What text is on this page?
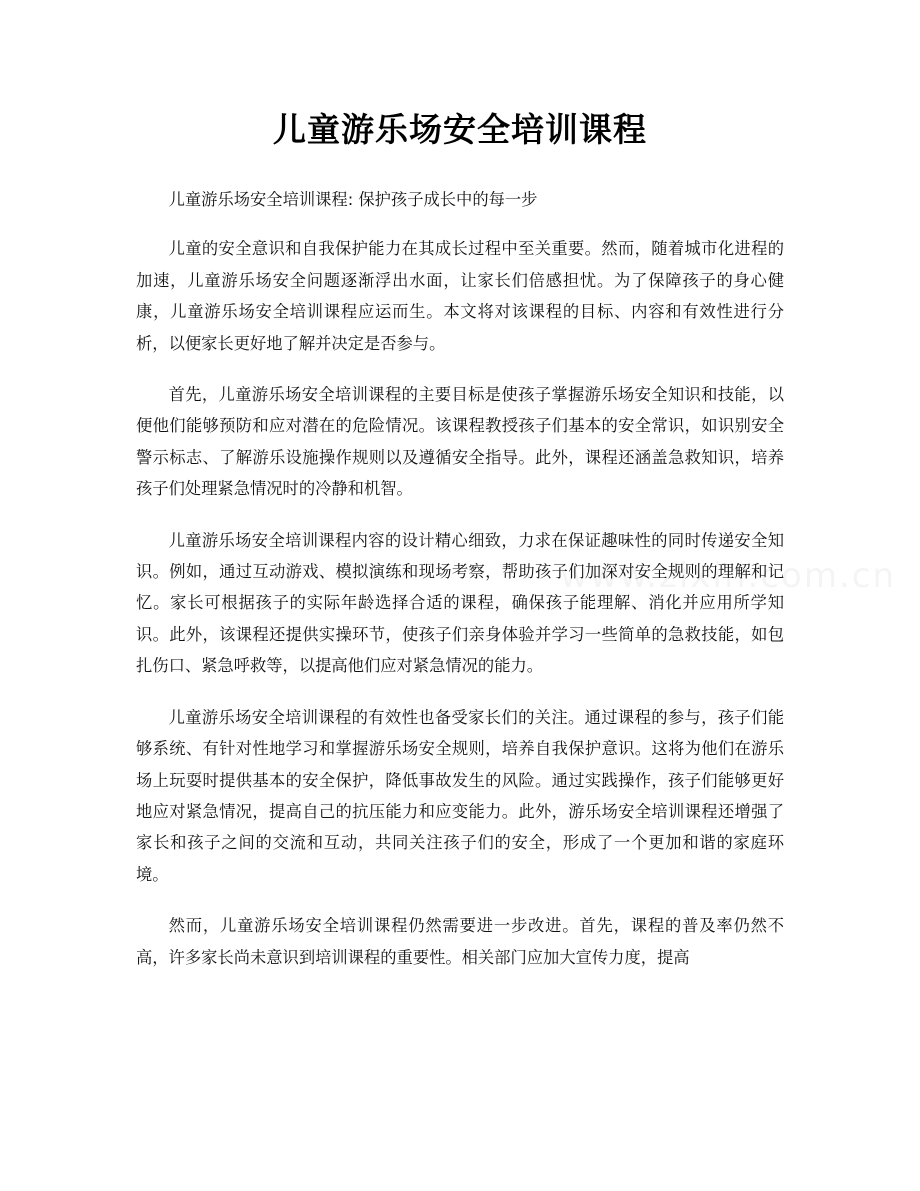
儿童游乐场安全培训课程

儿童游乐场安全培训课程: 保护孩子成长中的每一步

儿童的安全意识和自我保护能力在其成长过程中至关重要。然而，随着城市化进程的加速，儿童游乐场安全问题逐渐浮出水面，让家长们倍感担忧。为了保障孩子的身心健康，儿童游乐场安全培训课程应运而生。本文将对该课程的目标、内容和有效性进行分析，以便家长更好地了解并决定是否参与。

首先，儿童游乐场安全培训课程的主要目标是使孩子掌握游乐场安全知识和技能，以便他们能够预防和应对潜在的危险情况。该课程教授孩子们基本的安全常识，如识别安全警示标志、了解游乐设施操作规则以及遵循安全指导。此外，课程还涵盖急救知识，培养孩子们处理紧急情况时的冷静和机智。

儿童游乐场安全培训课程内容的设计精心细致，力求在保证趣味性的同时传递安全知识。例如，通过互动游戏、模拟演练和现场考察，帮助孩子们加深对安全规则的理解和记忆。家长可根据孩子的实际年龄选择合适的课程，确保孩子能理解、消化并应用所学知识。此外，该课程还提供实操环节，使孩子们亲身体验并学习一些简单的急救技能，如包扎伤口、紧急呼救等，以提高他们应对紧急情况的能力。

儿童游乐场安全培训课程的有效性也备受家长们的关注。通过课程的参与，孩子们能够系统、有针对性地学习和掌握游乐场安全规则，培养自我保护意识。这将为他们在游乐场上玩耍时提供基本的安全保护，降低事故发生的风险。通过实践操作，孩子们能够更好地应对紧急情况，提高自己的抗压能力和应变能力。此外，游乐场安全培训课程还增强了家长和孩子之间的交流和互动，共同关注孩子们的安全，形成了一个更加和谐的家庭环境。

然而，儿童游乐场安全培训课程仍然需要进一步改进。首先，课程的普及率仍然不高，许多家长尚未意识到培训课程的重要性。相关部门应加大宣传力度，提高
